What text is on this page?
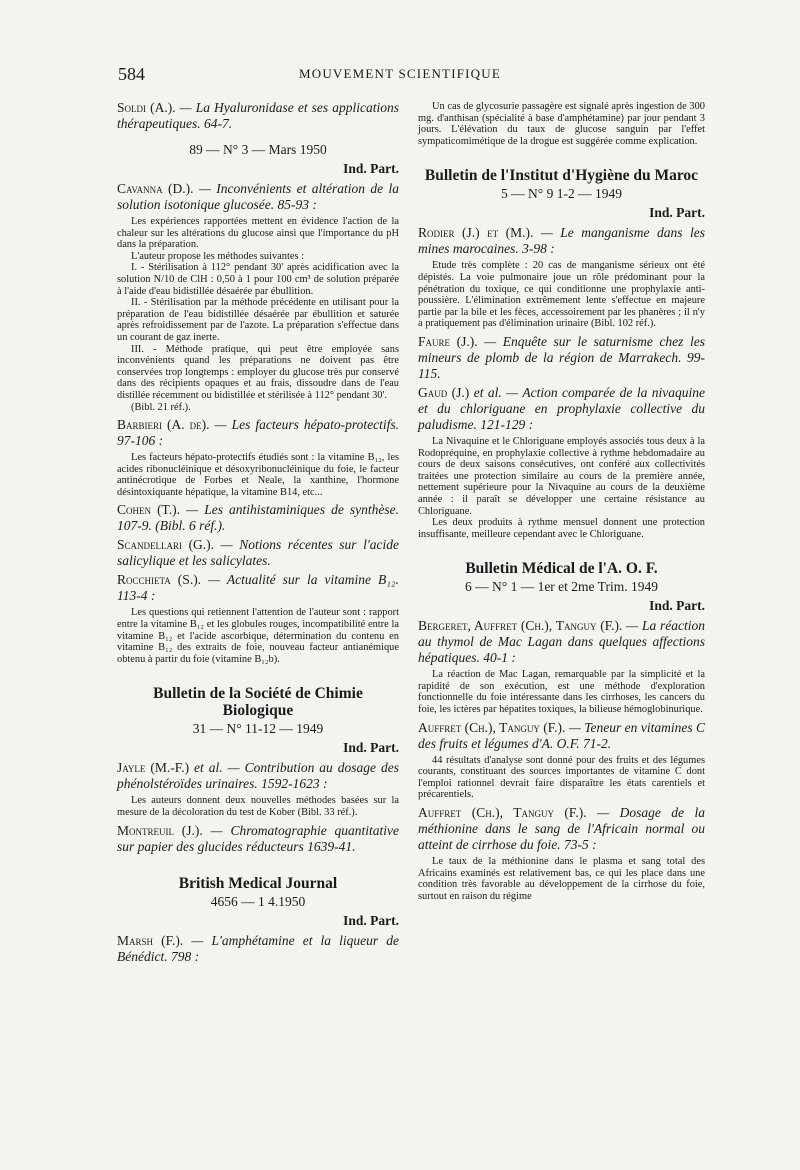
584	MOUVEMENT SCIENTIFIQUE

Soldi (A.). — La Hyaluronidase et ses applications thérapeutiques. 64-7.

89 — N° 3 — Mars 1950

Ind. Part.

Cavanna (D.). — Inconvénients et altération de la solution isotonique glucosée. 85-93 :

Les expériences rapportées mettent en évidence l'action de la chaleur sur les altérations du glucose ainsi que l'importance du pH dans la préparation.

L'auteur propose les méthodes suivantes :

I. - Stérilisation à 112° pendant 30' après acidification avec la solution N/10 de ClH : 0,50 à 1 pour 100 cm³ de solution préparée à l'aide d'eau bidistillée désaérée par ébullition.

II. - Stérilisation par la méthode précédente en utilisant pour la préparation de l'eau bidistillée désaérée par ébullition et saturée après refroidissement par de l'azote. La préparation s'effectue dans un courant de gaz inerte.

III. - Méthode pratique, qui peut être employée sans inconvénients quand les préparations ne doivent pas être conservées trop longtemps : employer du glucose très pur conservé dans des récipients opaques et au frais, dissoudre dans de l'eau distillée récemment ou bidistillée et stérilisée à 112° pendant 30'.

(Bibl. 21 réf.).

Barbieri (A. de). — Les facteurs hépato-protectifs. 97-106 :

Les facteurs hépato-protectifs étudiés sont : la vitamine B₁₂, les acides ribonucléinique et désoxyribonucléinique du foie, le facteur antinécrotique de Forbes et Neale, la xanthine, l'hormone désintoxiquante hépatique, la vitamine B14, etc...

Cohen (T.). — Les antihistaminiques de synthèse. 107-9. (Bibl. 6 réf.).

Scandellari (G.). — Notions récentes sur l'acide salicylique et les salicylates.

Rocchieta (S.). — Actualité sur la vitamine B₁₂. 113-4 :

Les questions qui retiennent l'attention de l'auteur sont : rapport entre la vitamine B₁₂ et les globules rouges, incompatibilité entre la vitamine B₁₂ et l'acide ascorbique, détermination du contenu en vitamine B₁₂ des extraits de foie, nouveau facteur antianémique obtenu à partir du foie (vitamine B₁₂b).

Bulletin de la Société de Chimie Biologique

31 — N° 11-12 — 1949

Ind. Part.

Jayle (M.-F.) et al. — Contribution au dosage des phénolstéroïdes urinaires. 1592-1623 :

Les auteurs donnent deux nouvelles méthodes basées sur la mesure de la décoloration du test de Kober (Bibl. 33 réf.).

Montreuil (J.). — Chromatographie quantitative sur papier des glucides réducteurs 1639-41.

British Medical Journal

4656 — 1 4.1950

Ind. Part.

Marsh (F.). — L'amphétamine et la liqueur de Bénédict. 798 :

Un cas de glycosurie passagère est signalé après ingestion de 300 mg. d'anthisan (spécialité à base d'amphétamine) par jour pendant 3 jours. L'élévation du taux de glucose sanguin par l'effet sympaticomimétique de la drogue est suggérée comme explication.

Bulletin de l'Institut d'Hygiène du Maroc

5 — N° 9 1-2 — 1949

Ind. Part.

Rodier (J.) et (M.). — Le manganisme dans les mines marocaines. 3-98 :

Etude très complète : 20 cas de manganisme sérieux ont été dépistés. La voie pulmonaire joue un rôle prédominant pour la pénétration du toxique, ce qui conditionne une prophylaxie anti-poussière. L'élimination extrêmement lente s'effectue en majeure partie par la bile et les fèces, accessoirement par les phanères ; il n'y a pratiquement pas d'élimination urinaire (Bibl. 102 réf.).

Faure (J.). — Enquête sur le saturnisme chez les mineurs de plomb de la région de Marrakech. 99-115.

Gaud (J.) et al. — Action comparée de la nivaquine et du chloriguane en prophylaxie collective du paludisme. 121-129 :

La Nivaquine et le Chloriguane employés associés tous deux à la Rodopréquine, en prophylaxie collective à rythme hebdomadaire au cours de deux saisons consécutives, ont conféré aux collectivités traitées une protection similaire au cours de la première année, nettement supérieure pour la Nivaquine au cours de la deuxième année : il paraît se développer une certaine résistance au Chloriguane.

Les deux produits à rythme mensuel donnent une protection insuffisante, meilleure cependant avec le Chloriguane.

Bulletin Médical de l'A. O. F.

6 — N° 1 — 1er et 2me Trim. 1949

Ind. Part.

Bergeret, Auffret (Ch.), Tanguy (F.). — La réaction au thymol de Mac Lagan dans quelques affections hépatiques. 40-1 :

La réaction de Mac Lagan, remarquable par la simplicité et la rapidité de son exécution, est une méthode d'exploration fonctionnelle du foie intéressante dans les cirrhoses, les cancers du foie, les ictères par hépatites toxiques, la bilieuse hémoglobinurique.

Auffret (Ch.), Tanguy (F.). — Teneur en vitamines C des fruits et légumes d'A. O.F. 71-2.

44 résultats d'analyse sont donné pour des fruits et des légumes courants, constituant des sources importantes de vitamine C dont l'emploi rationnel devrait faire disparaître les états carentiels et précarentiels.

Auffret (Ch.), Tanguy (F.). — Dosage de la méthionine dans le sang de l'Africain normal ou atteint de cirrhose du foie. 73-5 :

Le taux de la méthionine dans le plasma et sang total des Africains examinés est relativement bas, ce qui les place dans une condition très favorable au développement de la cirrhose du foie, surtout en raison du régime
